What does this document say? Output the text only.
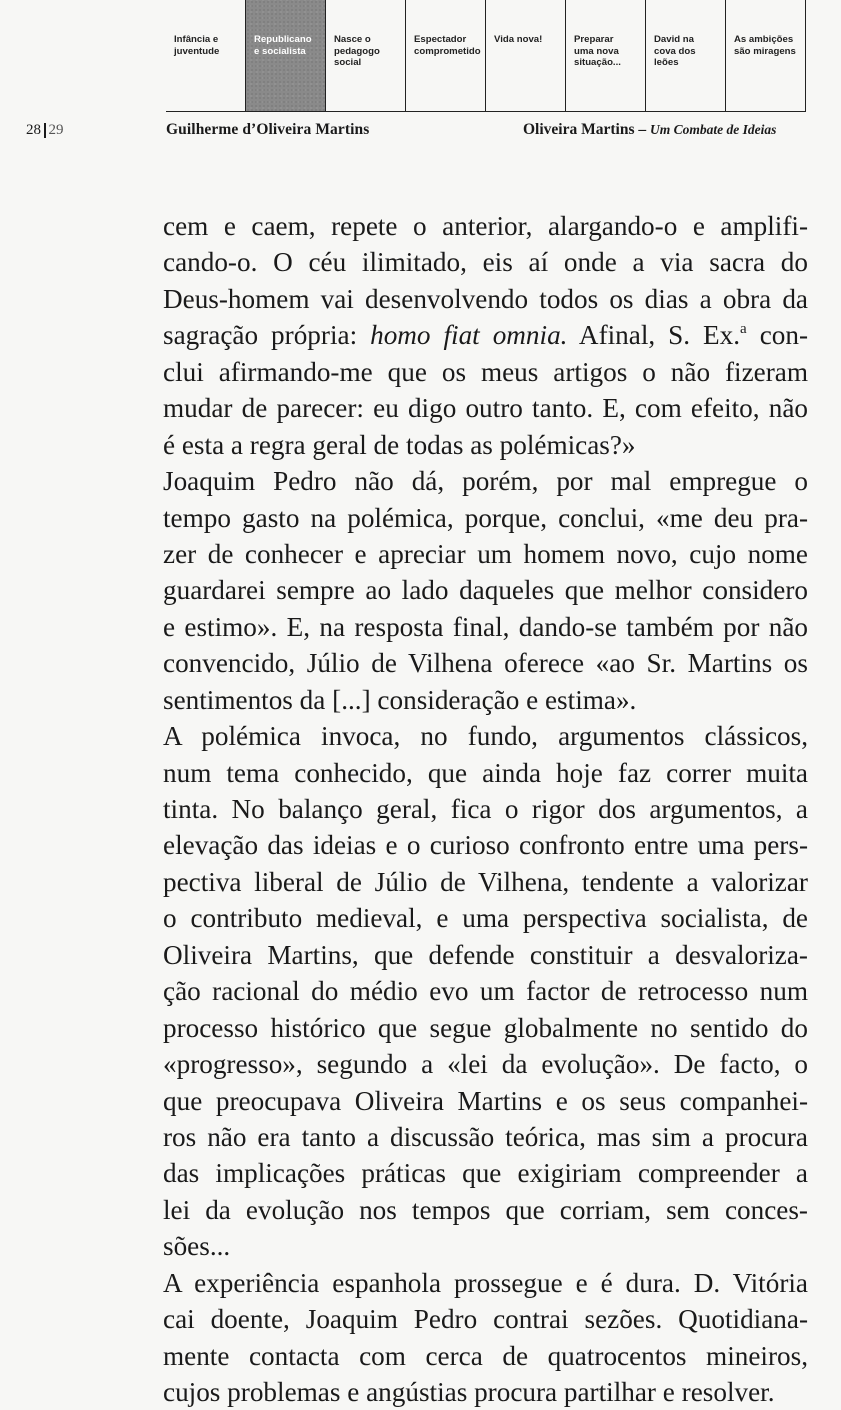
Infância e
juventude
Republicano
e socialista
Nasce o
pedagogo
social
Espectador
comprometido
Vida nova!	Preparar
uma nova
situação...
David na
cova dos
leões
As ambições
são miragens
28 29	Guilherme d’Oliveira Martins	Oliveira Martins – Um Combate de Ideias
cem e caem, repete o anterior, alargando-o e amplifi-
cando-o. O céu ilimitado, eis aí onde a via sacra do
Deus-homem vai desenvolvendo todos os dias a obra da
sagração própria: homo fiat omnia. Afinal, S. Ex.$^a$ con-
clui afirmando-me que os meus artigos o não fizeram
mudar de parecer: eu digo outro tanto. E, com efeito, não
é esta a regra geral de todas as polémicas?»
Joaquim Pedro não dá, porém, por mal empregue o
tempo gasto na polémica, porque, conclui, «me deu pra-
zer de conhecer e apreciar um homem novo, cujo nome
guardarei sempre ao lado daqueles que melhor considero
e estimo». E, na resposta final, dando-se também por não
convencido, Júlio de Vilhena oferece «ao Sr. Martins os
sentimentos da [...] consideração e estima».
A polémica invoca, no fundo, argumentos clássicos,
num tema conhecido, que ainda hoje faz correr muita
tinta. No balanço geral, fica o rigor dos argumentos, a
elevação das ideias e o curioso confronto entre uma pers-
pectiva liberal de Júlio de Vilhena, tendente a valorizar
o contributo medieval, e uma perspectiva socialista, de
Oliveira Martins, que defende constituir a desvaloriza-
ção racional do médio evo um factor de retrocesso num
processo histórico que segue globalmente no sentido do
«progresso», segundo a «lei da evolução». De facto, o
que preocupava Oliveira Martins e os seus companhei-
ros não era tanto a discussão teórica, mas sim a procura
das implicações práticas que exigiriam compreender a
lei da evolução nos tempos que corriam, sem conces-
sões...
A experiência espanhola prossegue e é dura. D. Vitória
cai doente, Joaquim Pedro contrai sezões. Quotidiana-
mente contacta com cerca de quatrocentos mineiros,
cujos problemas e angústias procura partilhar e resolver.
